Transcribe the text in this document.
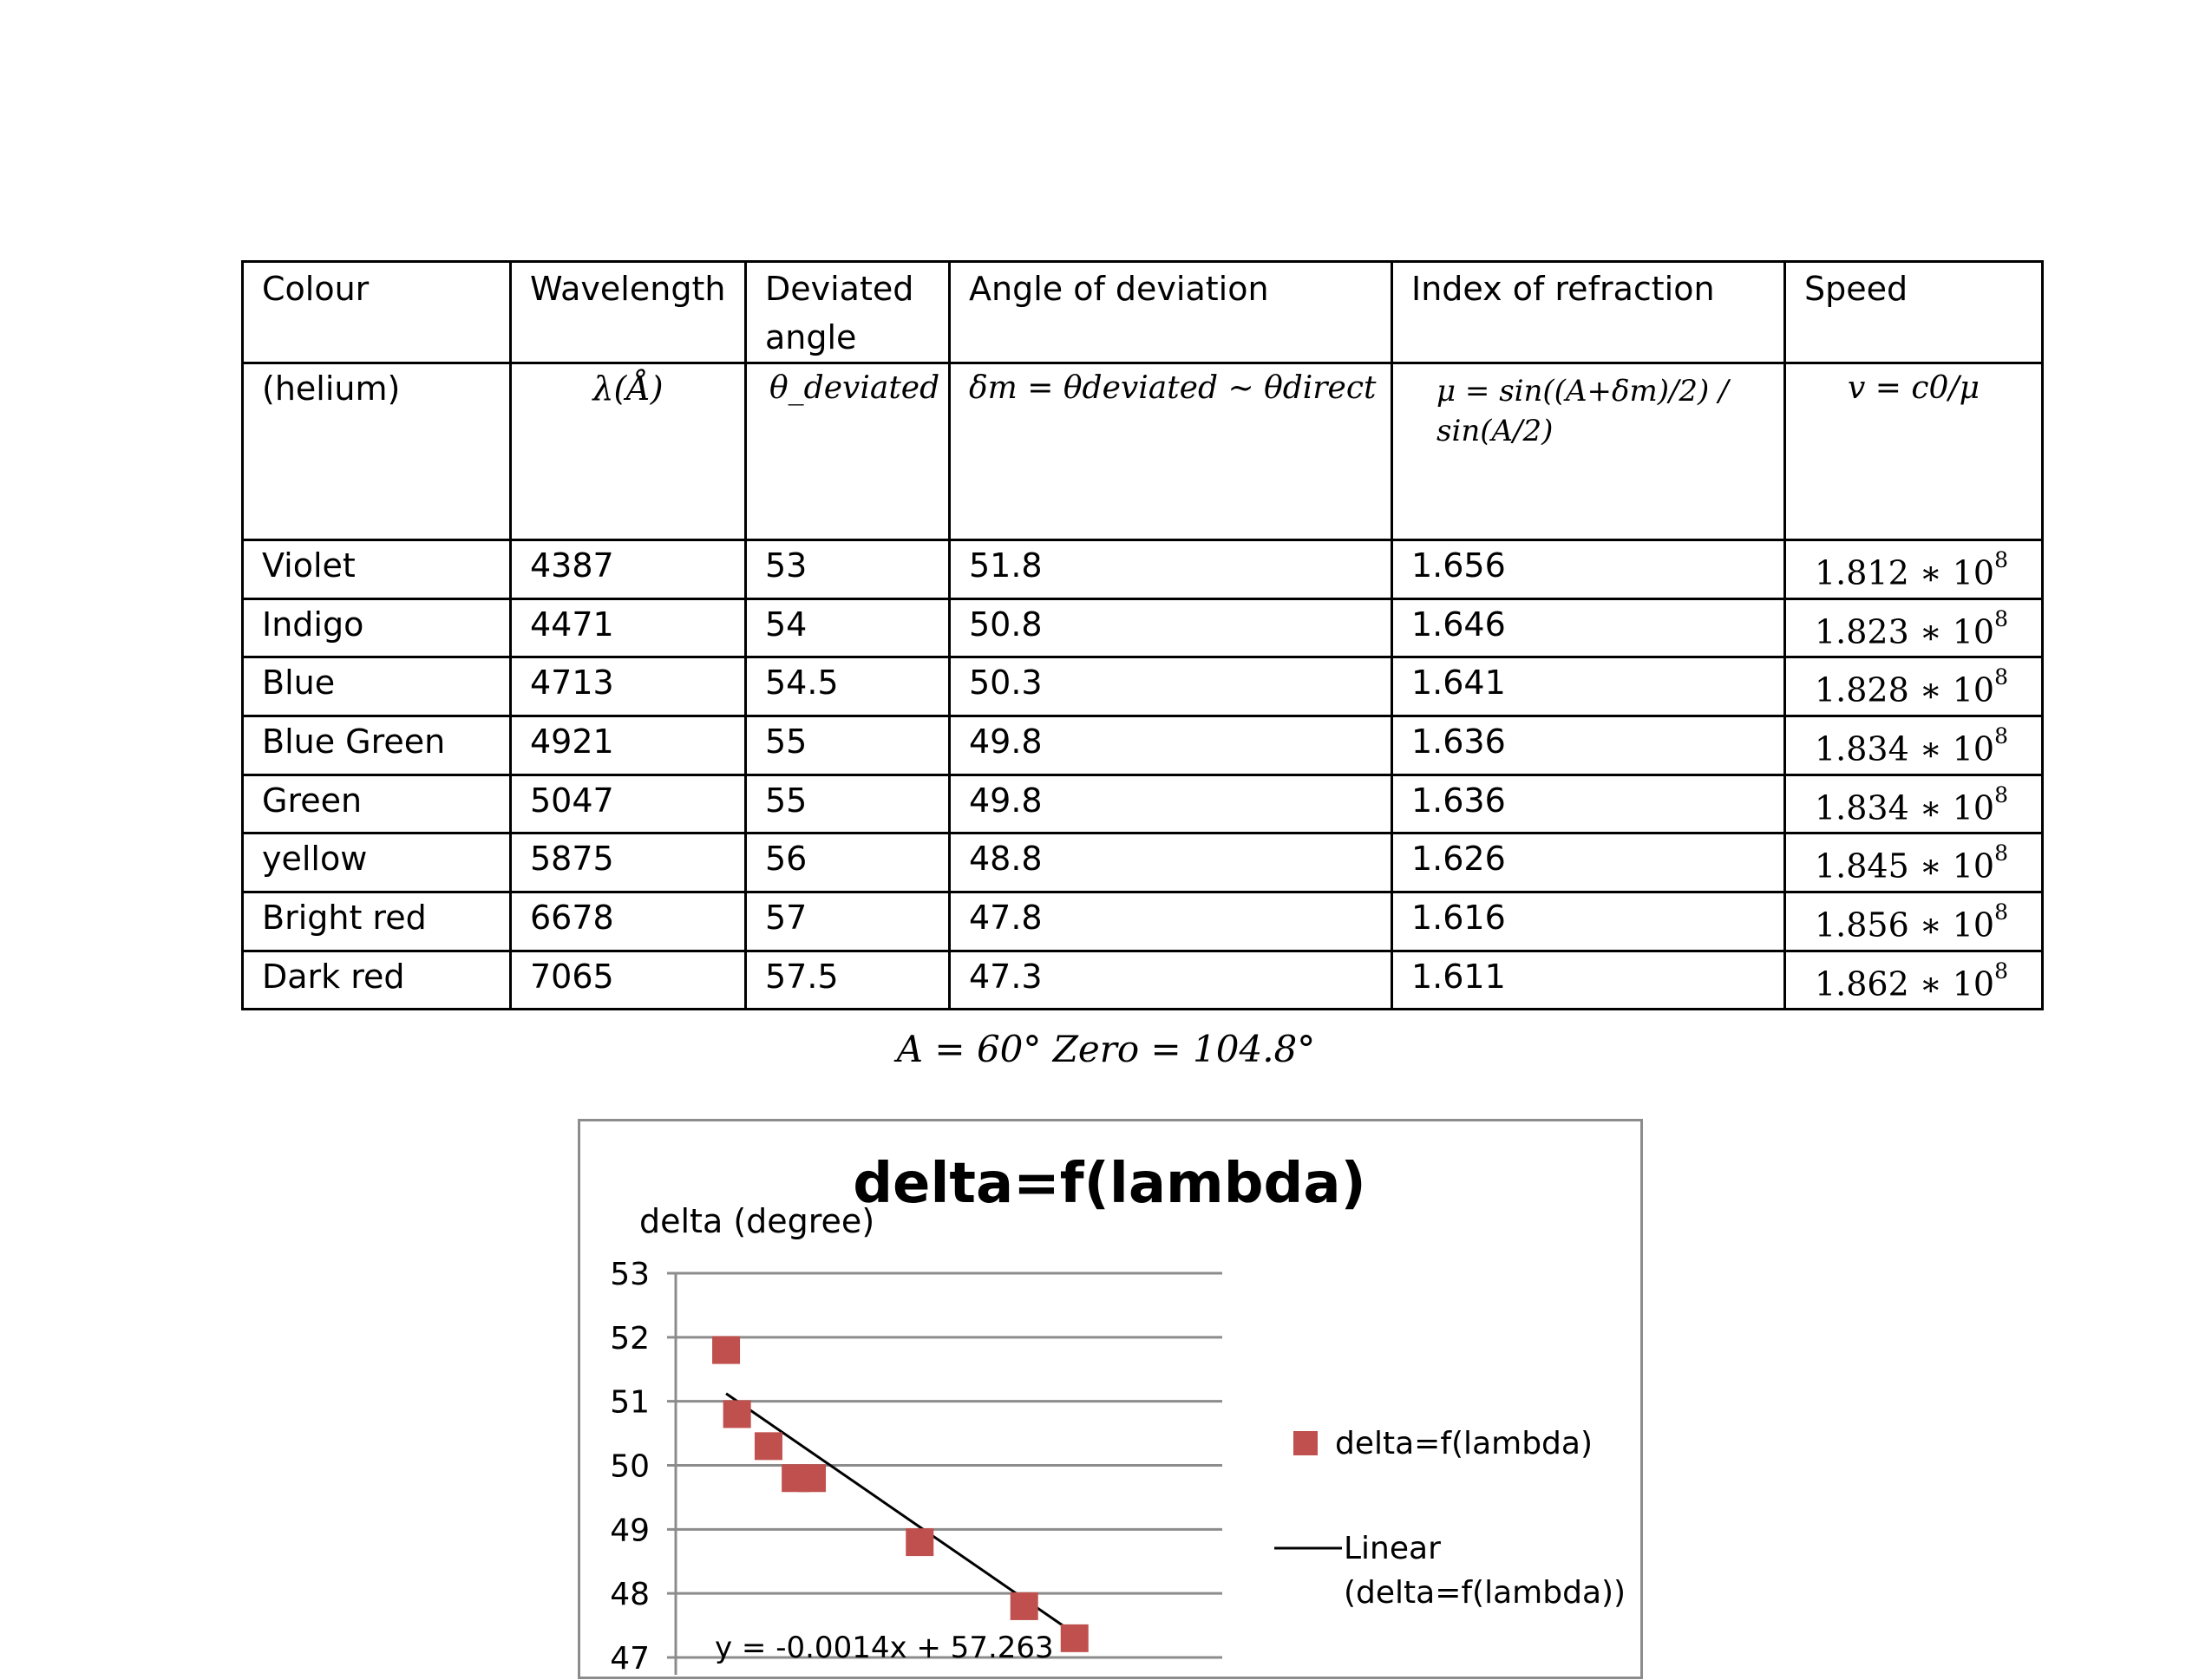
Colour	Wavelength	Deviated angle	Angle of deviation	Index of refraction	Speed

(helium)	λ(Å)	θ_deviated	δm = θdeviated ~ θdirect	μ = sin((A+δm)/2) / sin(A/2)	v = c0/μ
Violet	4387	53	51.8	1.656	1.812 ∗ $10^8$
Indigo	4471	54	50.8	1.646	1.823 ∗ $10^8$
Blue	4713	54.5	50.3	1.641	1.828 ∗ $10^8$
Blue Green	4921	55	49.8	1.636	1.834 ∗ $10^8$
Green	5047	55	49.8	1.636	1.834 ∗ $10^8$
yellow	5875	56	48.8	1.626	1.845 ∗ $10^8$
Bright red	6678	57	47.8	1.616	1.856 ∗ $10^8$
Dark red	7065	57.5	47.3	1.611	1.862 ∗ $10^8$
A = 60° Zero = 104.8°
delta=f(lambda)
delta (degree)
53
52
51
50
49
48
47 y = -0.0014x + 57.263
delta=f(lambda)
Linear
(delta=f(lambda))
